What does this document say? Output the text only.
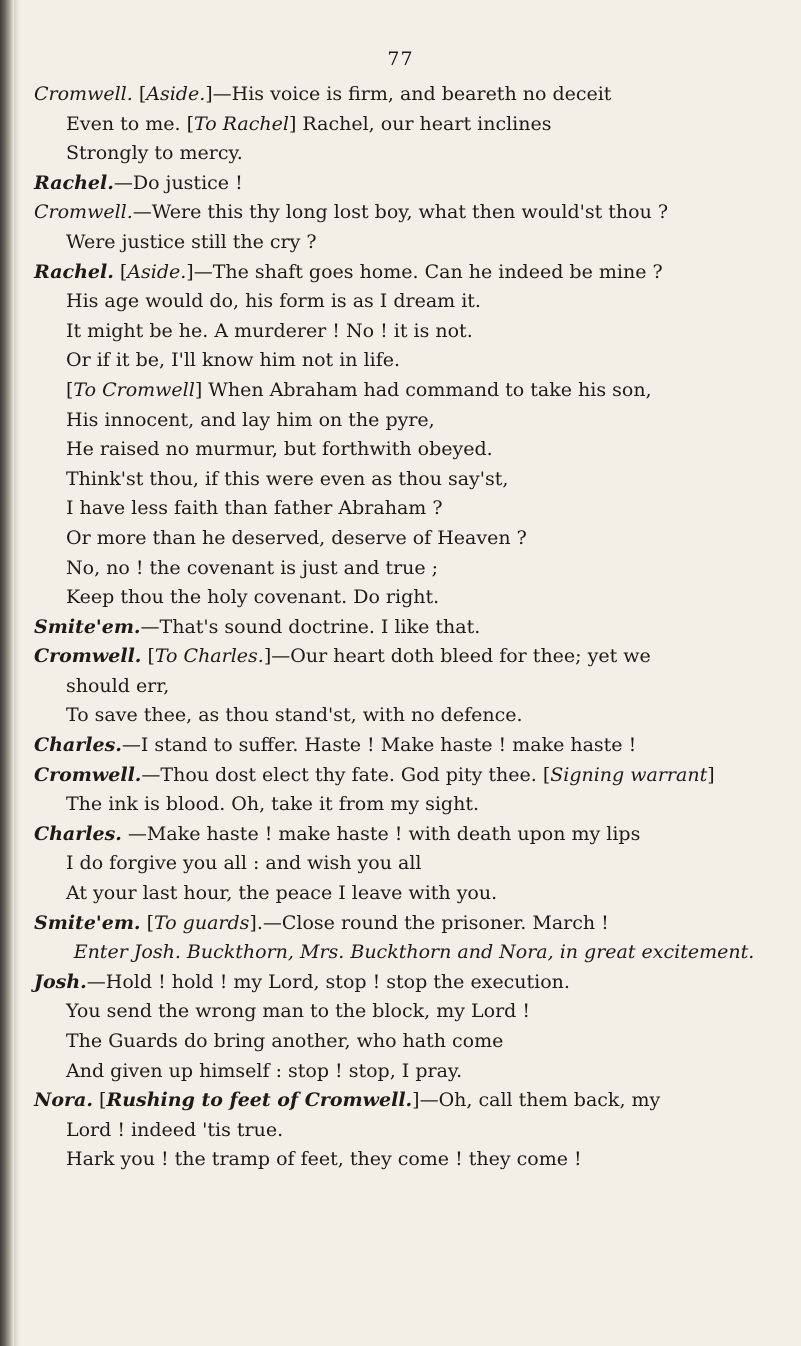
77
Cromwell. [Aside.]—His voice is firm, and beareth no deceit
Even to me. [To Rachel] Rachel, our heart inclines
Strongly to mercy.
Rachel.—Do justice !
Cromwell.—Were this thy long lost boy, what then would'st thou ?
Were justice still the cry ?
Rachel. [Aside.]—The shaft goes home. Can he indeed be mine ?
His age would do, his form is as I dream it.
It might be he. A murderer ! No ! it is not.
Or if it be, I'll know him not in life.
[To Cromwell] When Abraham had command to take his son,
His innocent, and lay him on the pyre,
He raised no murmur, but forthwith obeyed.
Think'st thou, if this were even as thou say'st,
I have less faith than father Abraham ?
Or more than he deserved, deserve of Heaven ?
No, no ! the covenant is just and true ;
Keep thou the holy covenant. Do right.
Smite'em.—That's sound doctrine. I like that.
Cromwell. [To Charles.]—Our heart doth bleed for thee; yet we
should err,
To save thee, as thou stand'st, with no defence.
Charles.—I stand to suffer. Haste ! Make haste ! make haste !
Cromwell.—Thou dost elect thy fate. God pity thee. [Signing warrant]
The ink is blood. Oh, take it from my sight.
Charles. —Make haste ! make haste ! with death upon my lips
I do forgive you all : and wish you all
At your last hour, the peace I leave with you.
Smite'em. [To guards].—Close round the prisoner. March !
Enter Josh. Buckthorn, Mrs. Buckthorn and Nora, in great excitement.
Josh.—Hold ! hold ! my Lord, stop ! stop the execution.
You send the wrong man to the block, my Lord !
The Guards do bring another, who hath come
And given up himself : stop ! stop, I pray.
Nora. [Rushing to feet of Cromwell.]—Oh, call them back, my
Lord ! indeed 'tis true.
Hark you ! the tramp of feet, they come ! they come !
